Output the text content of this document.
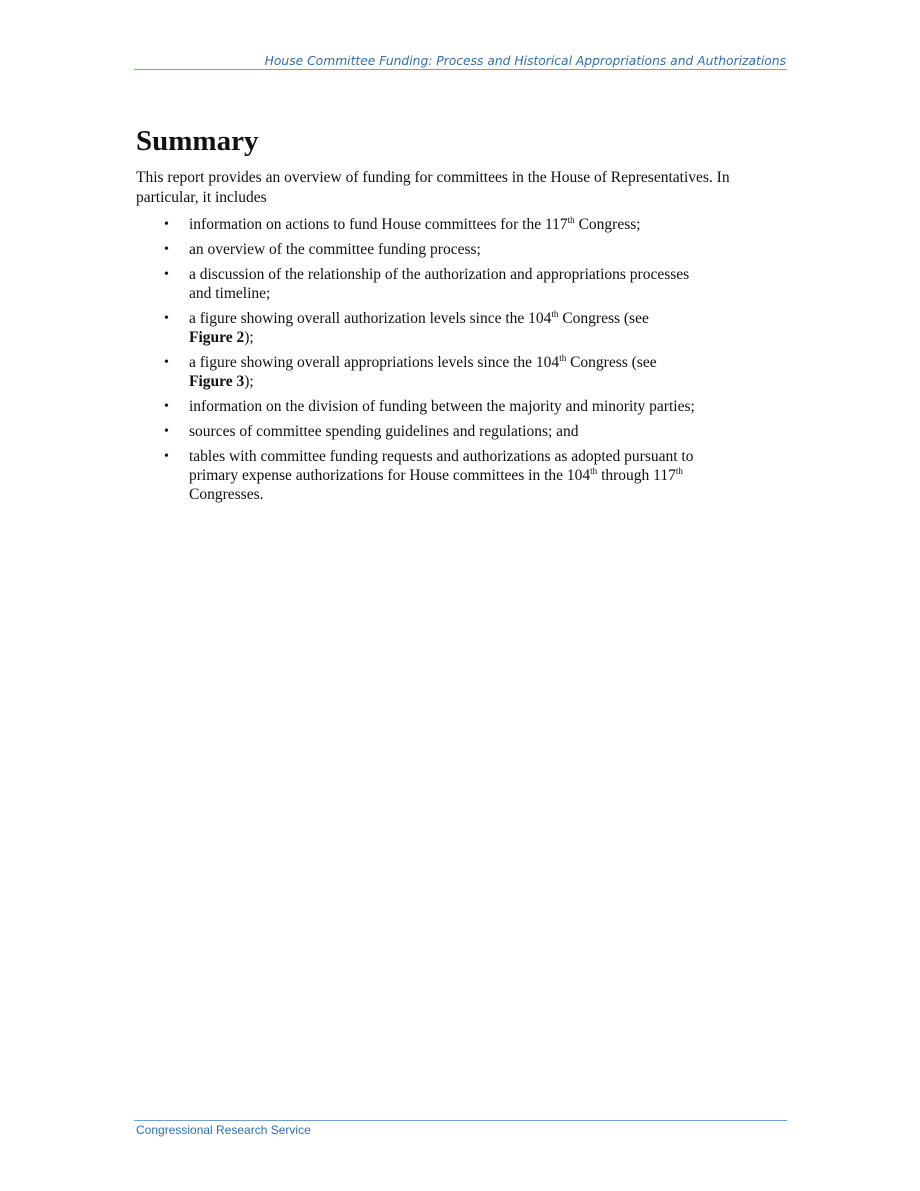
House Committee Funding: Process and Historical Appropriations and Authorizations
Summary

This report provides an overview of funding for committees in the House of Representatives. In particular, it includes

• information on actions to fund House committees for the 117th Congress;
• an overview of the committee funding process;
• a discussion of the relationship of the authorization and appropriations processes
and timeline;
• a figure showing overall authorization levels since the 104th Congress (see
Figure 2);
• a figure showing overall appropriations levels since the 104th Congress (see
Figure 3);
• information on the division of funding between the majority and minority parties;
• sources of committee spending guidelines and regulations; and
• tables with committee funding requests and authorizations as adopted pursuant to
primary expense authorizations for House committees in the 104th through 117th
Congresses.
Congressional Research Service
